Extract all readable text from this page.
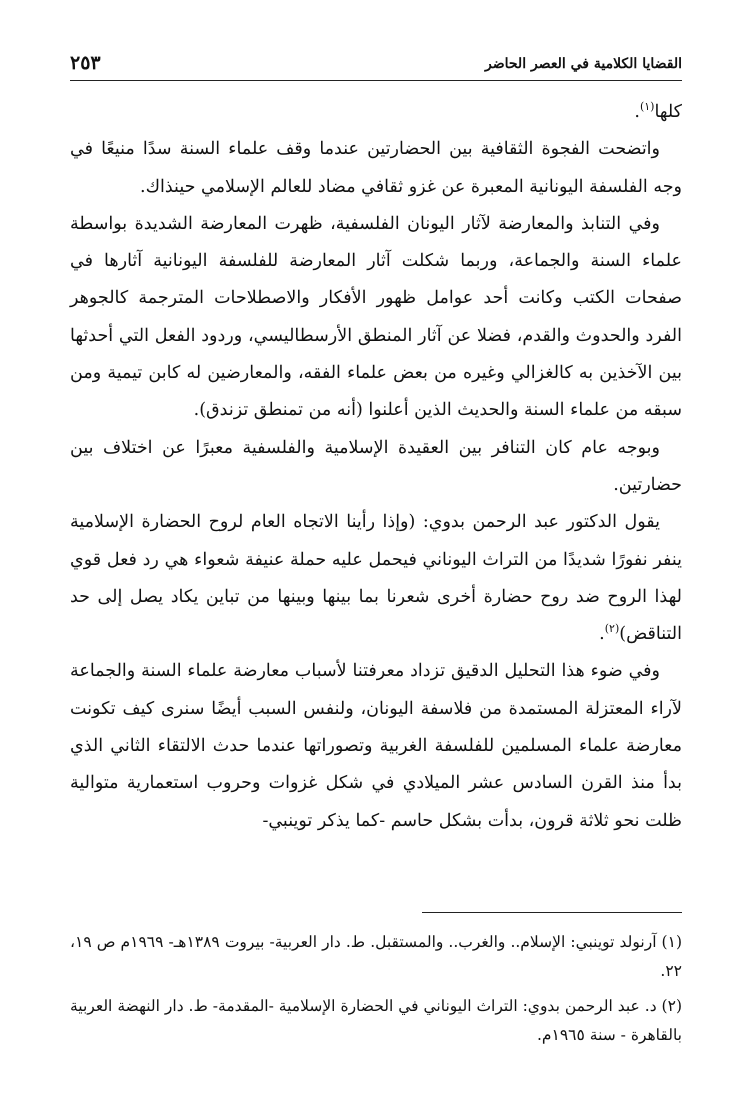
القضايا الكلامية في العصر الحاضر
٢٥٣

كلها$^{(١)}$.

واتضحت الفجوة الثقافية بين الحضارتين عندما وقف علماء السنة سدًا منيعًا في وجه الفلسفة اليونانية المعبرة عن غزو ثقافي مضاد للعالم الإسلامي حينذاك.

وفي التنابذ والمعارضة لآثار اليونان الفلسفية، ظهرت المعارضة الشديدة بواسطة علماء السنة والجماعة، وربما شكلت آثار المعارضة للفلسفة اليونانية آثارها في صفحات الكتب وكانت أحد عوامل ظهور الأفكار والاصطلاحات المترجمة كالجوهر الفرد والحدوث والقدم، فضلا عن آثار المنطق الأرسطاليسي، وردود الفعل التي أحدثها بين الآخذين به كالغزالي وغيره من بعض علماء الفقه، والمعارضين له كابن تيمية ومن سبقه من علماء السنة والحديث الذين أعلنوا (أنه من تمنطق تزندق).

وبوجه عام كان التنافر بين العقيدة الإسلامية والفلسفية معبرًا عن اختلاف بين حضارتين.

يقول الدكتور عبد الرحمن بدوي: (وإذا رأينا الاتجاه العام لروح الحضارة الإسلامية ينفر نفورًا شديدًا من التراث اليوناني فيحمل عليه حملة عنيفة شعواء هي رد فعل قوي لهذا الروح ضد روح حضارة أخرى شعرنا بما بينها وبينها من تباين يكاد يصل إلى حد التناقض)$^{(٢)}$.

وفي ضوء هذا التحليل الدقيق تزداد معرفتنا لأسباب معارضة علماء السنة والجماعة لآراء المعتزلة المستمدة من فلاسفة اليونان، ولنفس السبب أيضًا سنرى كيف تكونت معارضة علماء المسلمين للفلسفة الغربية وتصوراتها عندما حدث الالتقاء الثاني الذي بدأ منذ القرن السادس عشر الميلادي في شكل غزوات وحروب استعمارية متوالية ظلت نحو ثلاثة قرون، بدأت بشكل حاسم -كما يذكر توينبي-

(١) آرنولد توينبي: الإسلام.. والغرب.. والمستقبل. ط. دار العربية- بيروت ١٣٨٩هـ- ١٩٦٩م ص ١٩، ٢٢.

(٢) د. عبد الرحمن بدوي: التراث اليوناني في الحضارة الإسلامية -المقدمة- ط. دار النهضة العربية بالقاهرة - سنة ١٩٦٥م.
